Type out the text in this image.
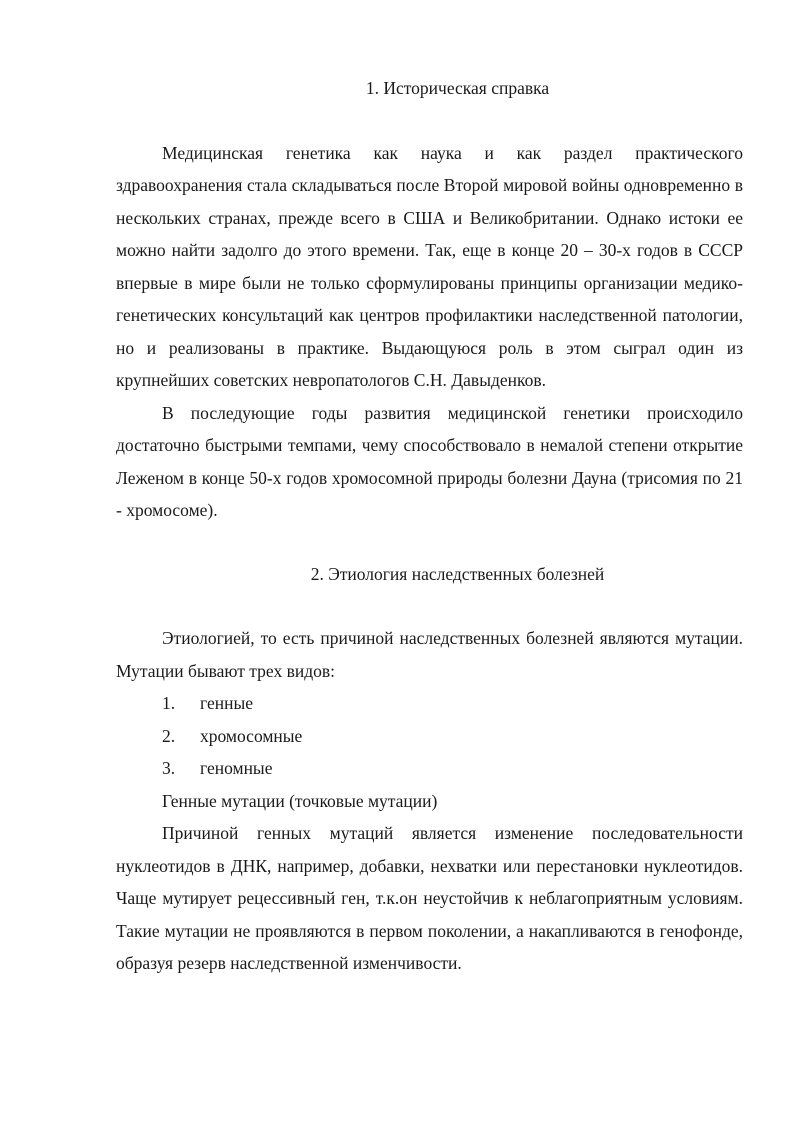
1. Историческая справка

Медицинская генетика как наука и как раздел практического здравоохранения стала складываться после Второй мировой войны одновременно в нескольких странах, прежде всего в США и Великобритании. Однако истоки ее можно найти задолго до этого времени. Так, еще в конце 20 – 30-х годов в СССР впервые в мире были не только сформулированы принципы организации медико-генетических консультаций как центров профилактики наследственной патологии, но и реализованы в практике. Выдающуюся роль в этом сыграл один из крупнейших советских невропатологов С.Н. Давыденков.

В последующие годы развития медицинской генетики происходило достаточно быстрыми темпами, чему способствовало в немалой степени открытие Леженом в конце 50-х годов хромосомной природы болезни Дауна (трисомия по 21 - хромосоме).

2. Этиология наследственных болезней

Этиологией, то есть причиной наследственных болезней являются мутации. Мутации бывают трех видов:

1.	генные
2.	хромосомные
3.	геномные

Генные мутации (точковые мутации)

Причиной генных мутаций является изменение последовательности нуклеотидов в ДНК, например, добавки, нехватки или перестановки нуклеотидов. Чаще мутирует рецессивный ген, т.к.он неустойчив к неблагоприятным условиям. Такие мутации не проявляются в первом поколении, а накапливаются в генофонде, образуя резерв наследственной изменчивости.
